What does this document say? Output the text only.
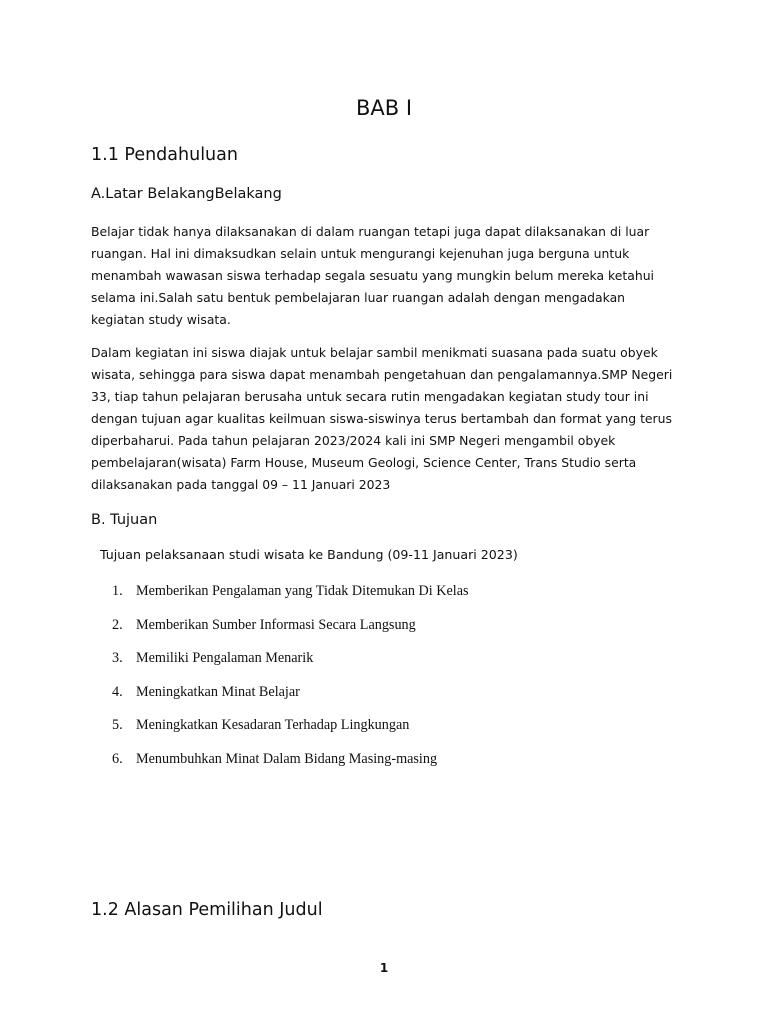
BAB I
1.1 Pendahuluan
A.Latar BelakangBelakang

Belajar tidak hanya dilaksanakan di dalam ruangan tetapi juga dapat dilaksanakan di luar ruangan. Hal ini dimaksudkan selain untuk mengurangi kejenuhan juga berguna untuk menambah wawasan siswa terhadap segala sesuatu yang mungkin belum mereka ketahui selama ini.Salah satu bentuk pembelajaran luar ruangan adalah dengan mengadakan kegiatan study wisata.

Dalam kegiatan ini siswa diajak untuk belajar sambil menikmati suasana pada suatu obyek wisata, sehingga para siswa dapat menambah pengetahuan dan pengalamannya.SMP Negeri 33, tiap tahun pelajaran berusaha untuk secara rutin mengadakan kegiatan study tour ini dengan tujuan agar kualitas keilmuan siswa-siswinya terus bertambah dan format yang terus diperbaharui. Pada tahun pelajaran 2023/2024 kali ini SMP Negeri mengambil obyek pembelajaran(wisata) Farm House, Museum Geologi, Science Center, Trans Studio serta dilaksanakan pada tanggal 09 – 11 Januari 2023

B. Tujuan
Tujuan pelaksanaan studi wisata ke Bandung (09-11 Januari 2023)
1. Memberikan Pengalaman yang Tidak Ditemukan Di Kelas
2. Memberikan Sumber Informasi Secara Langsung
3. Memiliki Pengalaman Menarik
4. Meningkatkan Minat Belajar
5. Meningkatkan Kesadaran Terhadap Lingkungan
6. Menumbuhkan Minat Dalam Bidang Masing-masing
1.2 Alasan Pemilihan Judul
1
